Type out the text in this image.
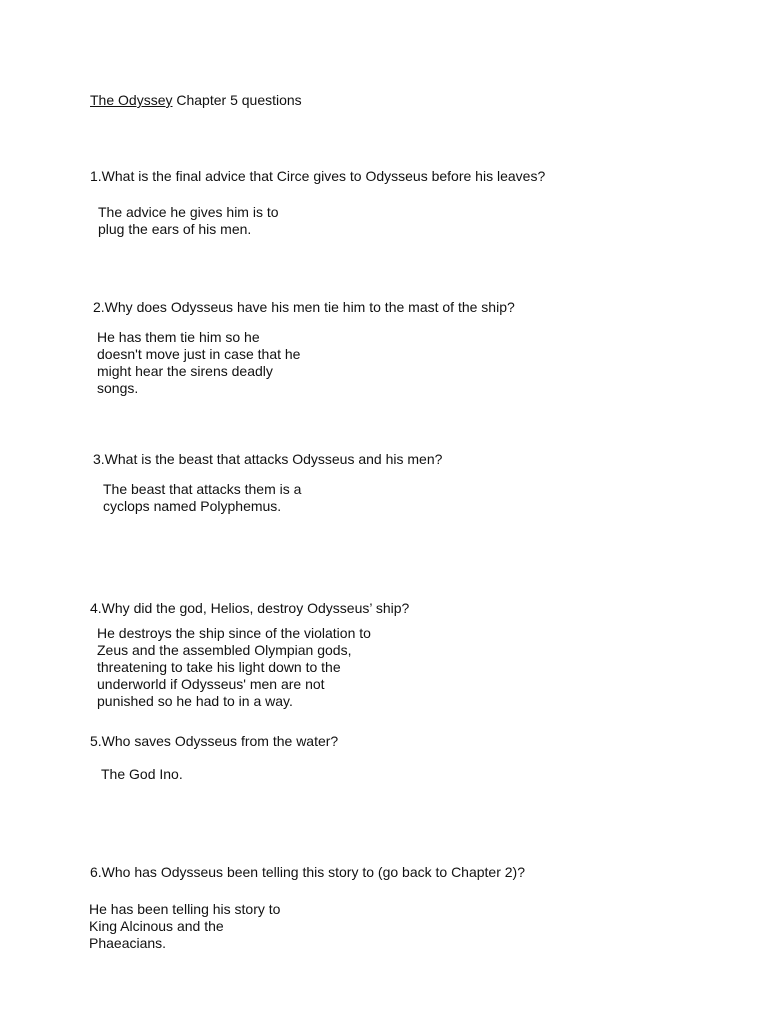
The Odyssey Chapter 5 questions
1.What is the final advice that Circe gives to Odysseus before his leaves?
The advice he gives him is to
plug the ears of his men.
2.Why does Odysseus have his men tie him to the mast of the ship?
He has them tie him so he
doesn't move just in case that he
might hear the sirens deadly
songs.
3.What is the beast that attacks Odysseus and his men?
The beast that attacks them is a
cyclops named Polyphemus.
4.Why did the god, Helios, destroy Odysseus’ ship?
He destroys the ship since of the violation to
Zeus and the assembled Olympian gods,
threatening to take his light down to the
underworld if Odysseus' men are not
punished so he had to in a way.
5.Who saves Odysseus from the water?
The God Ino.
6.Who has Odysseus been telling this story to (go back to Chapter 2)?
He has been telling his story to
King Alcinous and the
Phaeacians.
